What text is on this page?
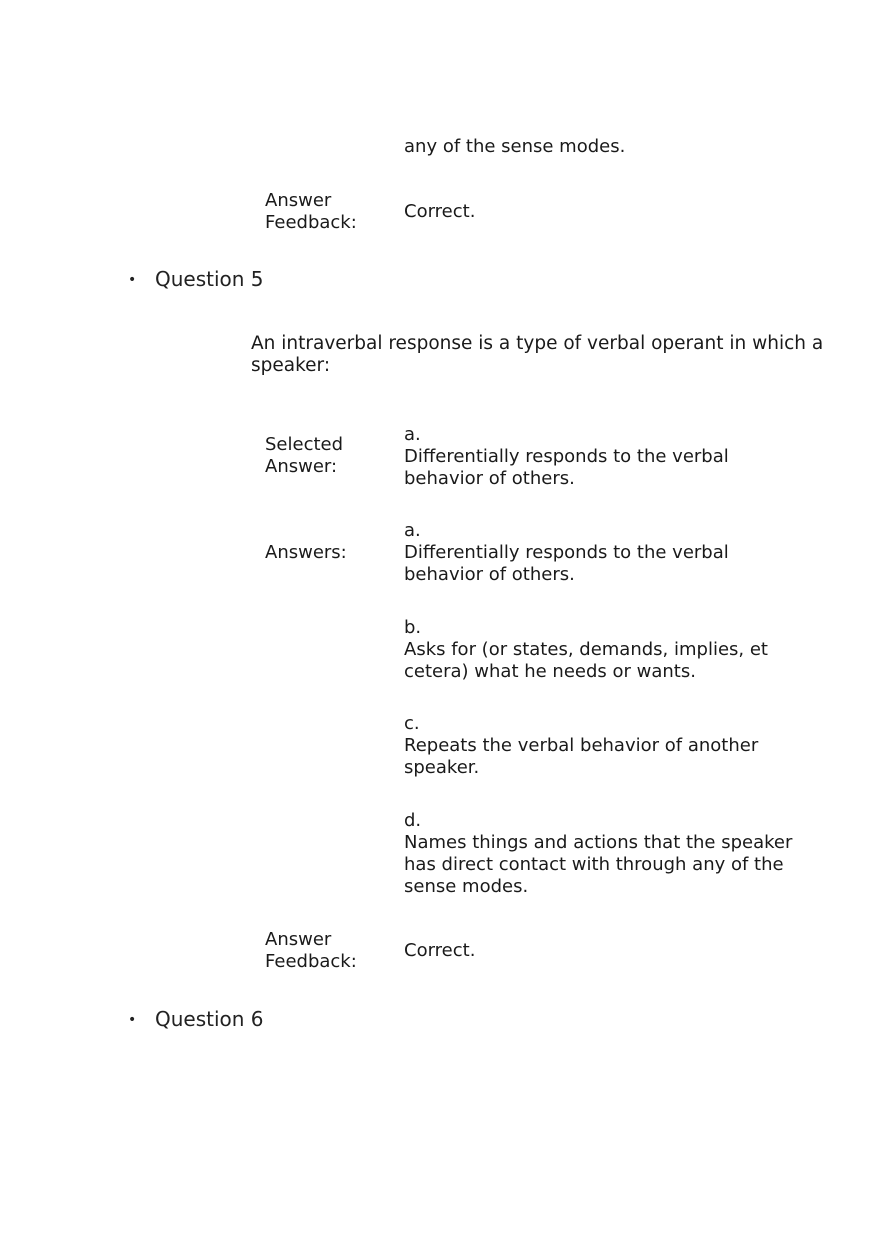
any of the sense modes.
Answer Feedback:
Correct.
• Question 5
An intraverbal response is a type of verbal operant in which a speaker:
Selected Answer:
a.
Differentially responds to the verbal behavior of others.
Answers:
a.
Differentially responds to the verbal behavior of others.
b.
Asks for (or states, demands, implies, et cetera) what he needs or wants.
c.
Repeats the verbal behavior of another speaker.
d.
Names things and actions that the speaker has direct contact with through any of the sense modes.
Answer Feedback:
Correct.
• Question 6
